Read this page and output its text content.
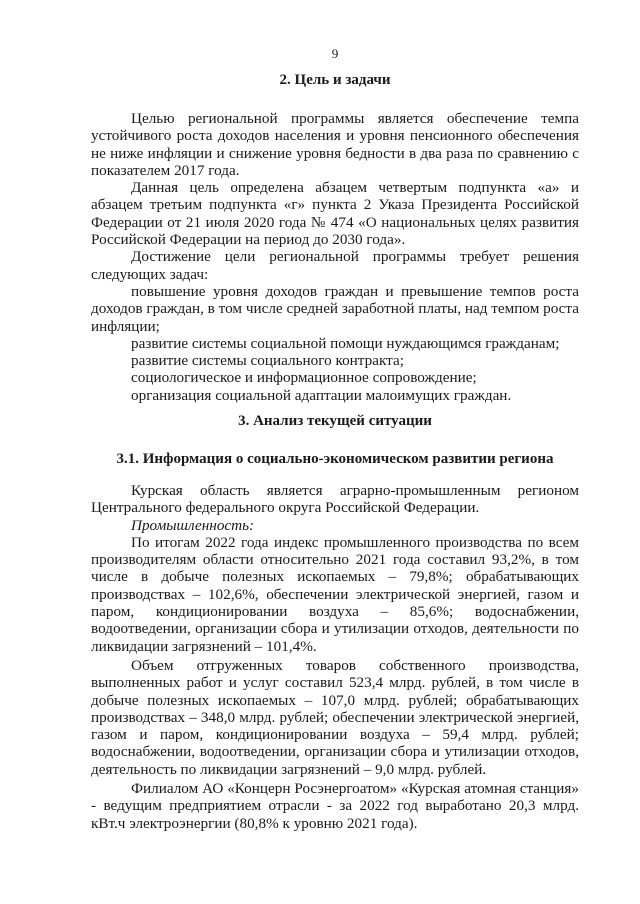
9
2. Цель и задачи

Целью региональной программы является обеспечение темпа устойчивого роста доходов населения и уровня пенсионного обеспечения не ниже инфляции и снижение уровня бедности в два раза по сравнению с показателем 2017 года.

Данная цель определена абзацем четвертым подпункта «а» и абзацем третьим подпункта «г» пункта 2 Указа Президента Российской Федерации от 21 июля 2020 года № 474 «О национальных целях развития Российской Федерации на период до 2030 года».

Достижение цели региональной программы требует решения следующих задач:

повышение уровня доходов граждан и превышение темпов роста доходов граждан, в том числе средней заработной платы, над темпом роста инфляции;

развитие системы социальной помощи нуждающимся гражданам;

развитие системы социального контракта;

социологическое и информационное сопровождение;

организация социальной адаптации малоимущих граждан.

3. Анализ текущей ситуации
3.1. Информация о социально-экономическом развитии региона

Курская область является аграрно-промышленным регионом Центрального федерального округа Российской Федерации.

Промышленность:

По итогам 2022 года индекс промышленного производства по всем производителям области относительно 2021 года составил 93,2%, в том числе в добыче полезных ископаемых – 79,8%; обрабатывающих производствах – 102,6%, обеспечении электрической энергией, газом и паром, кондиционировании воздуха – 85,6%; водоснабжении, водоотведении, организации сбора и утилизации отходов, деятельности по ликвидации загрязнений – 101,4%.

Объем отгруженных товаров собственного производства, выполненных работ и услуг составил 523,4 млрд. рублей, в том числе в добыче полезных ископаемых – 107,0 млрд. рублей; обрабатывающих производствах – 348,0 млрд. рублей; обеспечении электрической энергией, газом и паром, кондиционировании воздуха – 59,4 млрд. рублей; водоснабжении, водоотведении, организации сбора и утилизации отходов, деятельность по ликвидации загрязнений – 9,0 млрд. рублей.

Филиалом АО «Концерн Росэнергоатом» «Курская атомная станция» - ведущим предприятием отрасли - за 2022 год выработано 20,3 млрд. кВт.ч электроэнергии (80,8% к уровню 2021 года).
